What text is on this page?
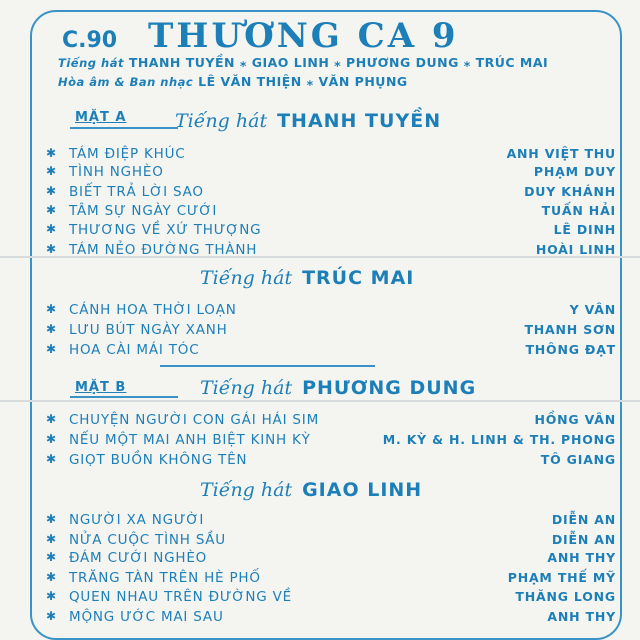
C.90 THƯƠNG CA 9
Tiếng hát THANH TUYỀN ⁎ GIAO LINH ⁎ PHƯƠNG DUNG ⁎ TRÚC MAI
Hòa âm & Ban nhạc LÊ VĂN THIỆN ⁎ VĂN PHỤNG
MẶT A
MẶT B
Tiếng hát THANH TUYỀN
✱ TÁM ĐIỆP KHÚC	ANH VIỆT THU
✱ TÌNH NGHÈO	PHẠM DUY
✱ BIẾT TRẢ LỜI SAO	DUY KHÁNH
✱ TÂM SỰ NGÀY CƯỚI	TUẤN HẢI
✱ THƯƠNG VỀ XỨ THƯỢNG	LÊ DINH
✱ TÁM NẺO ĐƯỜNG THÀNH	HOÀI LINH
Tiếng hát TRÚC MAI
✱ CÁNH HOA THỜI LOẠN	Y VÂN
✱ LƯU BÚT NGÀY XANH	THANH SƠN
✱ HOA CÀI MÁI TÓC	THÔNG ĐẠT
Tiếng hát PHƯƠNG DUNG
✱ CHUYỆN NGƯỜI CON GÁI HÁI SIM	HỒNG VÂN
✱ NẾU MỘT MAI ANH BIỆT KINH KỲ	M. KỲ & H. LINH & TH. PHONG
✱ GIỌT BUỒN KHÔNG TÊN	TÔ GIANG
Tiếng hát GIAO LINH
✱ NGƯỜI XA NGƯỜI	DIỄN AN
✱ NỬA CUỘC TÌNH SẦU	DIỄN AN
✱ ĐÁM CƯỚI NGHÈO	ANH THY
✱ TRĂNG TÀN TRÊN HÈ PHỐ	PHẠM THẾ MỸ
✱ QUEN NHAU TRÊN ĐƯỜNG VỀ	THĂNG LONG
✱ MỘNG ƯỚC MAI SAU	ANH THY
